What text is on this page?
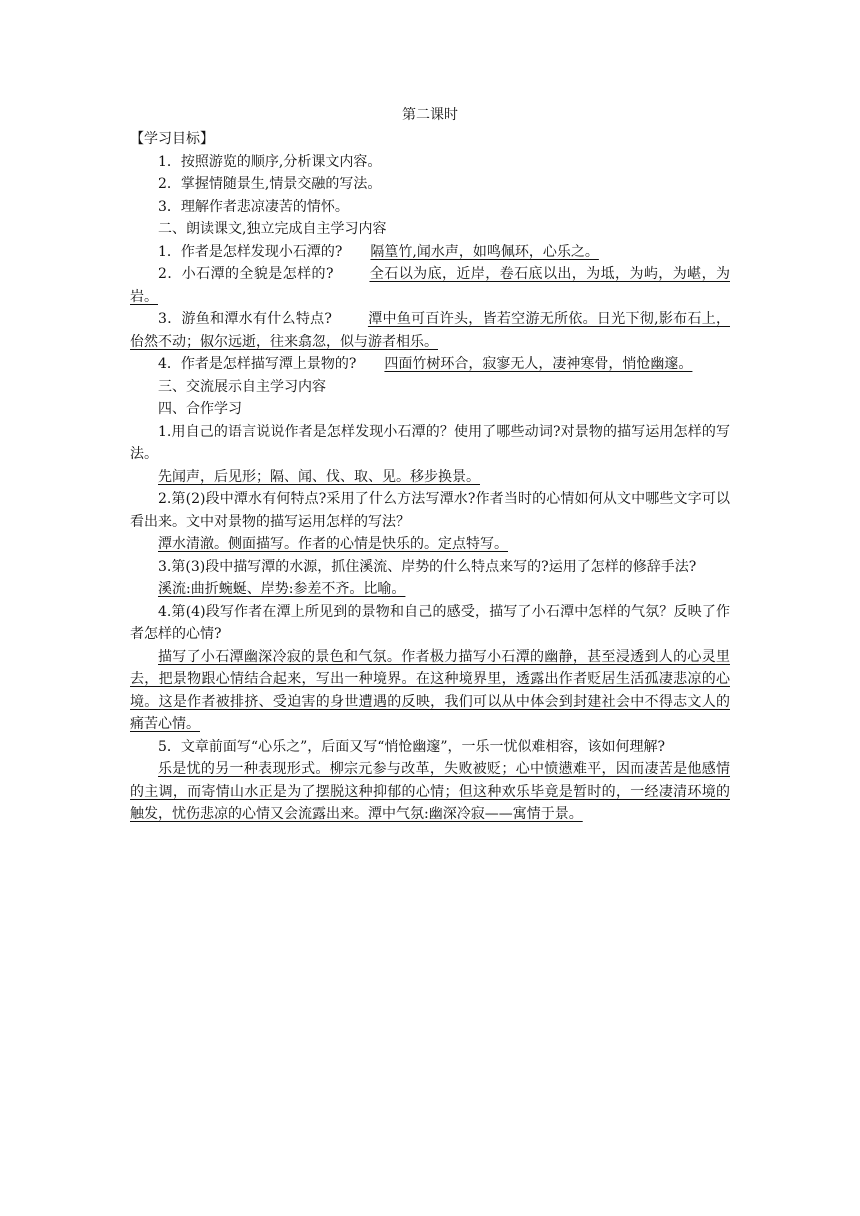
第二课时

【学习目标】

1．按照游览的顺序,分析课文内容。

2．掌握情随景生,情景交融的写法。

3．理解作者悲凉凄苦的情怀。

二、朗读课文,独立完成自主学习内容

1．作者是怎样发现小石潭的? 隔篁竹,闻水声，如鸣佩环，心乐之。

2．小石潭的全貌是怎样的?	全石以为底，近岸，卷石底以出，为坻，为屿，为嵁，为岩。

3．游鱼和潭水有什么特点?	潭中鱼可百许头，皆若空游无所依。日光下彻,影布石上，佁然不动；俶尔远逝，往来翕忽，似与游者相乐。

4．作者是怎样描写潭上景物的? 四面竹树环合，寂寥无人，凄神寒骨，悄怆幽邃。

三、交流展示自主学习内容

四、合作学习

1.用自己的语言说说作者是怎样发现小石潭的？使用了哪些动词?对景物的描写运用怎样的写法。

先闻声，后见形；隔、闻、伐、取、见。移步换景。

2.第(2)段中潭水有何特点?采用了什么方法写潭水?作者当时的心情如何从文中哪些文字可以看出来。文中对景物的描写运用怎样的写法？

潭水清澈。侧面描写。作者的心情是快乐的。定点特写。

3.第(3)段中描写潭的水源，抓住溪流、岸势的什么特点来写的?运用了怎样的修辞手法?

溪流:曲折蜿蜒、岸势:参差不齐。比喻。

4.第(4)段写作者在潭上所见到的景物和自己的感受，描写了小石潭中怎样的气氛？反映了作者怎样的心情?

描写了小石潭幽深冷寂的景色和气氛。作者极力描写小石潭的幽静，甚至浸透到人的心灵里去，把景物跟心情结合起来，写出一种境界。在这种境界里，透露出作者贬居生活孤凄悲凉的心境。这是作者被排挤、受迫害的身世遭遇的反映，我们可以从中体会到封建社会中不得志文人的痛苦心情。

5．文章前面写“心乐之”，后面又写“悄怆幽邃”，一乐一忧似难相容，该如何理解?

乐是忧的另一种表现形式。柳宗元参与改革，失败被贬；心中愤懑难平，因而凄苦是他感情的主调，而寄情山水正是为了摆脱这种抑郁的心情；但这种欢乐毕竟是暂时的，一经凄清环境的触发，忧伤悲凉的心情又会流露出来。潭中气氛:幽深冷寂——寓情于景。
